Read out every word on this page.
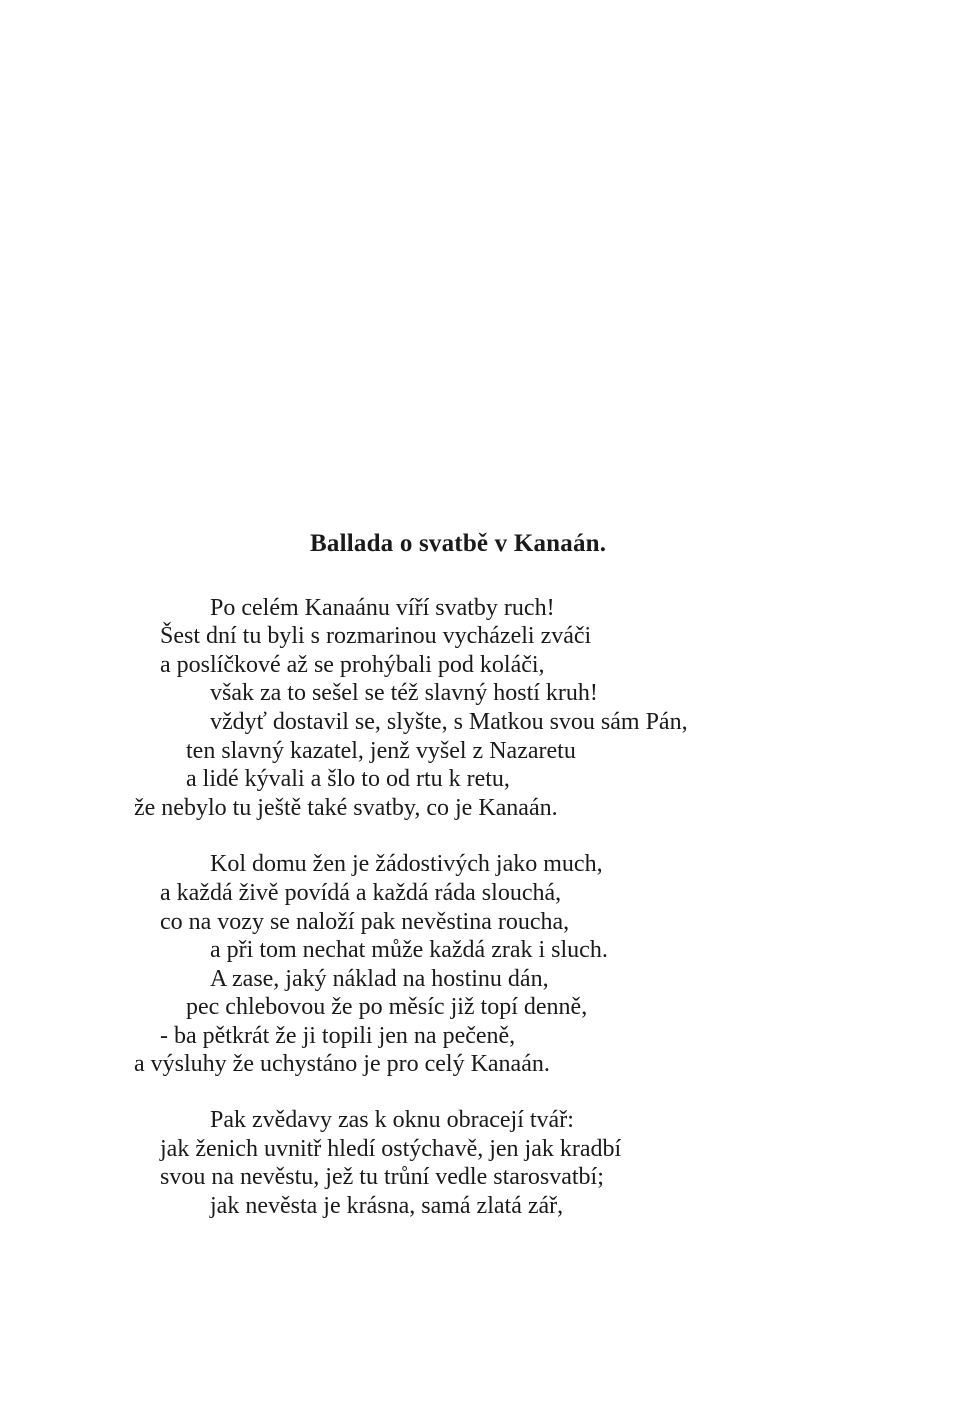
Ballada o svatbě v Kanaán.
Po celém Kanaánu víří svatby ruch!
Šest dní tu byli s rozmarinou vycházeli zváči
a poslíčkové až se prohýbali pod koláči,
však za to sešel se též slavný hostí kruh!
vždyť dostavil se, slyšte, s Matkou svou sám Pán,
ten slavný kazatel, jenž vyšel z Nazaretu
a lidé kývali a šlo to od rtu k retu,
že nebylo tu ještě také svatby, co je Kanaán.
Kol domu žen je žádostivých jako much,
a každá živě povídá a každá ráda slouchá,
co na vozy se naloží pak nevěstina roucha,
a při tom nechat může každá zrak i sluch.
A zase, jaký náklad na hostinu dán,
pec chlebovou že po měsíc již topí denně,
- ba pětkrát že ji topili jen na pečeně,
a výsluhy že uchystáno je pro celý Kanaán.
Pak zvědavy zas k oknu obracejí tvář:
jak ženich uvnitř hledí ostýchavě, jen jak kradbí
svou na nevěstu, jež tu trůní vedle starosvatbí;
jak nevěsta je krásna, samá zlatá zář,
